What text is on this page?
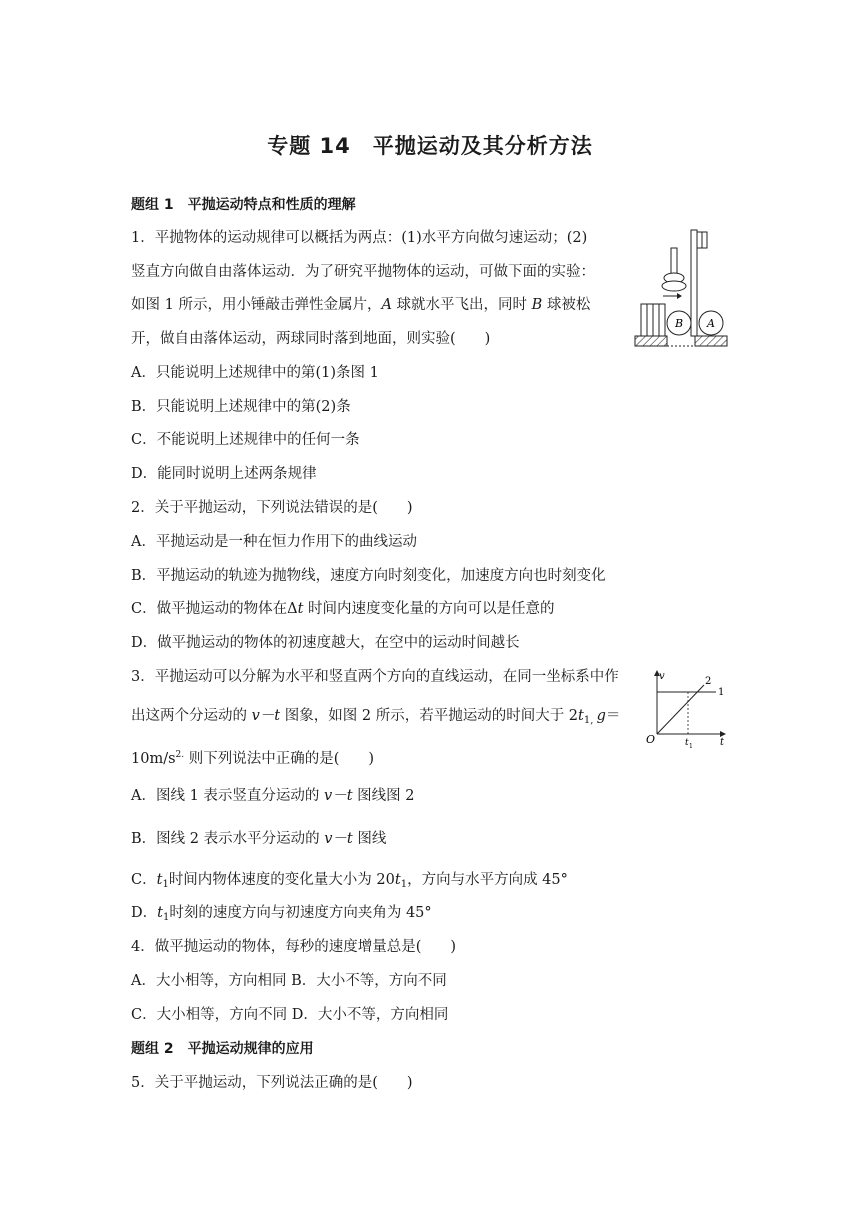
专题 14　平抛运动及其分析方法
题组 1　平抛运动特点和性质的理解
1．平抛物体的运动规律可以概括为两点：(1)水平方向做匀速运动；(2)
竖直方向做自由落体运动．为了研究平抛物体的运动，可做下面的实验：
如图 1 所示，用小锤敲击弹性金属片，A 球就水平飞出，同时 B 球被松
开，做自由落体运动，两球同时落到地面，则实验(　　)
A．只能说明上述规律中的第(1)条图 1
B．只能说明上述规律中的第(2)条
C．不能说明上述规律中的任何一条
D．能同时说明上述两条规律
B A
2．关于平抛运动，下列说法错误的是(　　)
A．平抛运动是一种在恒力作用下的曲线运动
B．平抛运动的轨迹为抛物线，速度方向时刻变化，加速度方向也时刻变化
C．做平抛运动的物体在Δt 时间内速度变化量的方向可以是任意的
D．做平抛运动的物体的初速度越大，在空中的运动时间越长
3．平抛运动可以分解为水平和竖直两个方向的直线运动，在同一坐标系中作
出这两个分运动的 v－t 图象，如图 2 所示，若平抛运动的时间大于 $2t_{1,}$ g＝
$10m/s^{2.}$ 则下列说法中正确的是(　　)
A．图线 1 表示竖直分运动的 v－t 图线图 2
B．图线 2 表示水平分运动的 v－t 图线
C．$t_1$时间内物体速度的变化量大小为 $20t_1$，方向与水平方向成 45°
D．$t_1$时刻的速度方向与初速度方向夹角为 45°
v
O	t
t 1
1
2
4．做平抛运动的物体，每秒的速度增量总是(　　)
A．大小相等，方向相同 B．大小不等，方向不同
C．大小相等，方向不同 D．大小不等，方向相同
题组 2　平抛运动规律的应用
5．关于平抛运动，下列说法正确的是(　　)
